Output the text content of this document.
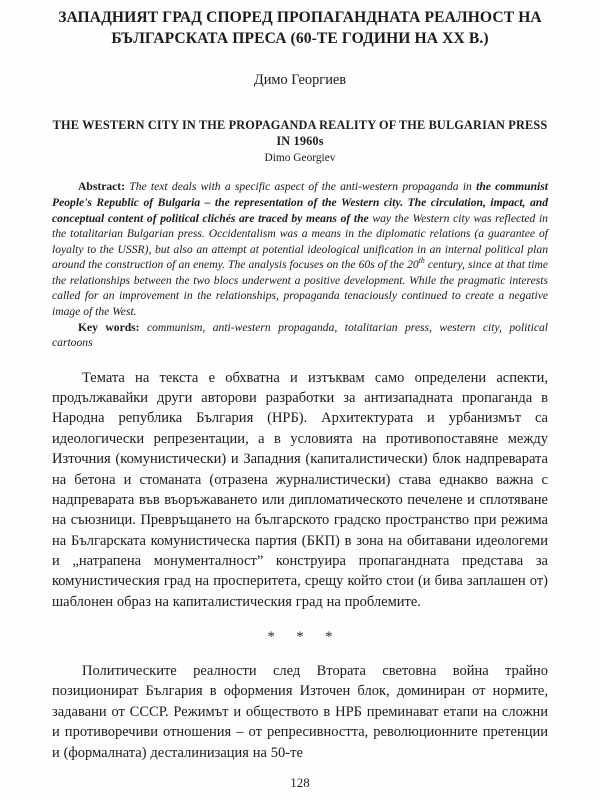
ЗАПАДНИЯТ ГРАД СПОРЕД ПРОПАГАНДНАТА РЕАЛНОСТ НА БЪЛГАРСКАТА ПРЕСА (60-ТЕ ГОДИНИ НА ХХ В.)

Димо Георгиев

THE WESTERN CITY IN THE PROPAGANDA REALITY OF THE BULGARIAN PRESS IN 1960s

Dimo Georgiev

Abstract: The text deals with a specific aspect of the anti-western propaganda in the communist People's Republic of Bulgaria – the representation of the Western city. The circulation, impact, and conceptual content of political clichés are traced by means of the way the Western city was reflected in the totalitarian Bulgarian press. Occidentalism was a means in the diplomatic relations (a guarantee of loyalty to the USSR), but also an attempt at potential ideological unification in an internal political plan around the construction of an enemy. The analysis focuses on the 60s of the 20th century, since at that time the relationships between the two blocs underwent a positive development. While the pragmatic interests called for an improvement in the relationships, propaganda tenaciously continued to create a negative image of the West.

Key words: communism, anti-western propaganda, totalitarian press, western city, political cartoons

Темата на текста е обхватна и изтъквам само определени аспекти, продължавайки други авторови разработки за антизападната пропаганда в Народна република България (НРБ). Архитектурата и урбанизмът са идеологически репрезентации, а в условията на противопоставяне между Източния (комунистически) и Западния (капиталистически) блок надпреварата на бетона и стоманата (отразена журналистически) става еднакво важна с надпреварата във въоръжаването или дипломатическото печелене и сплотяване на съюзници. Превръщането на българското градско пространство при режима на Българската комунистическа партия (БКП) в зона на обитавани идеологеми и „натрапена монументалност” конструира пропагандната представа за комунистическия град на просперитета, срещу който стои (и бива заплашен от) шаблонен образ на капиталистическия град на проблемите.

* * *

Политическите реалности след Втората световна война трайно позиционират България в оформения Източен блок, доминиран от нормите, задавани от СССР. Режимът и обществото в НРБ преминават етапи на сложни и противоречиви отношения – от репресивността, революционните претенции и (формалната) десталинизация на 50-те

128
